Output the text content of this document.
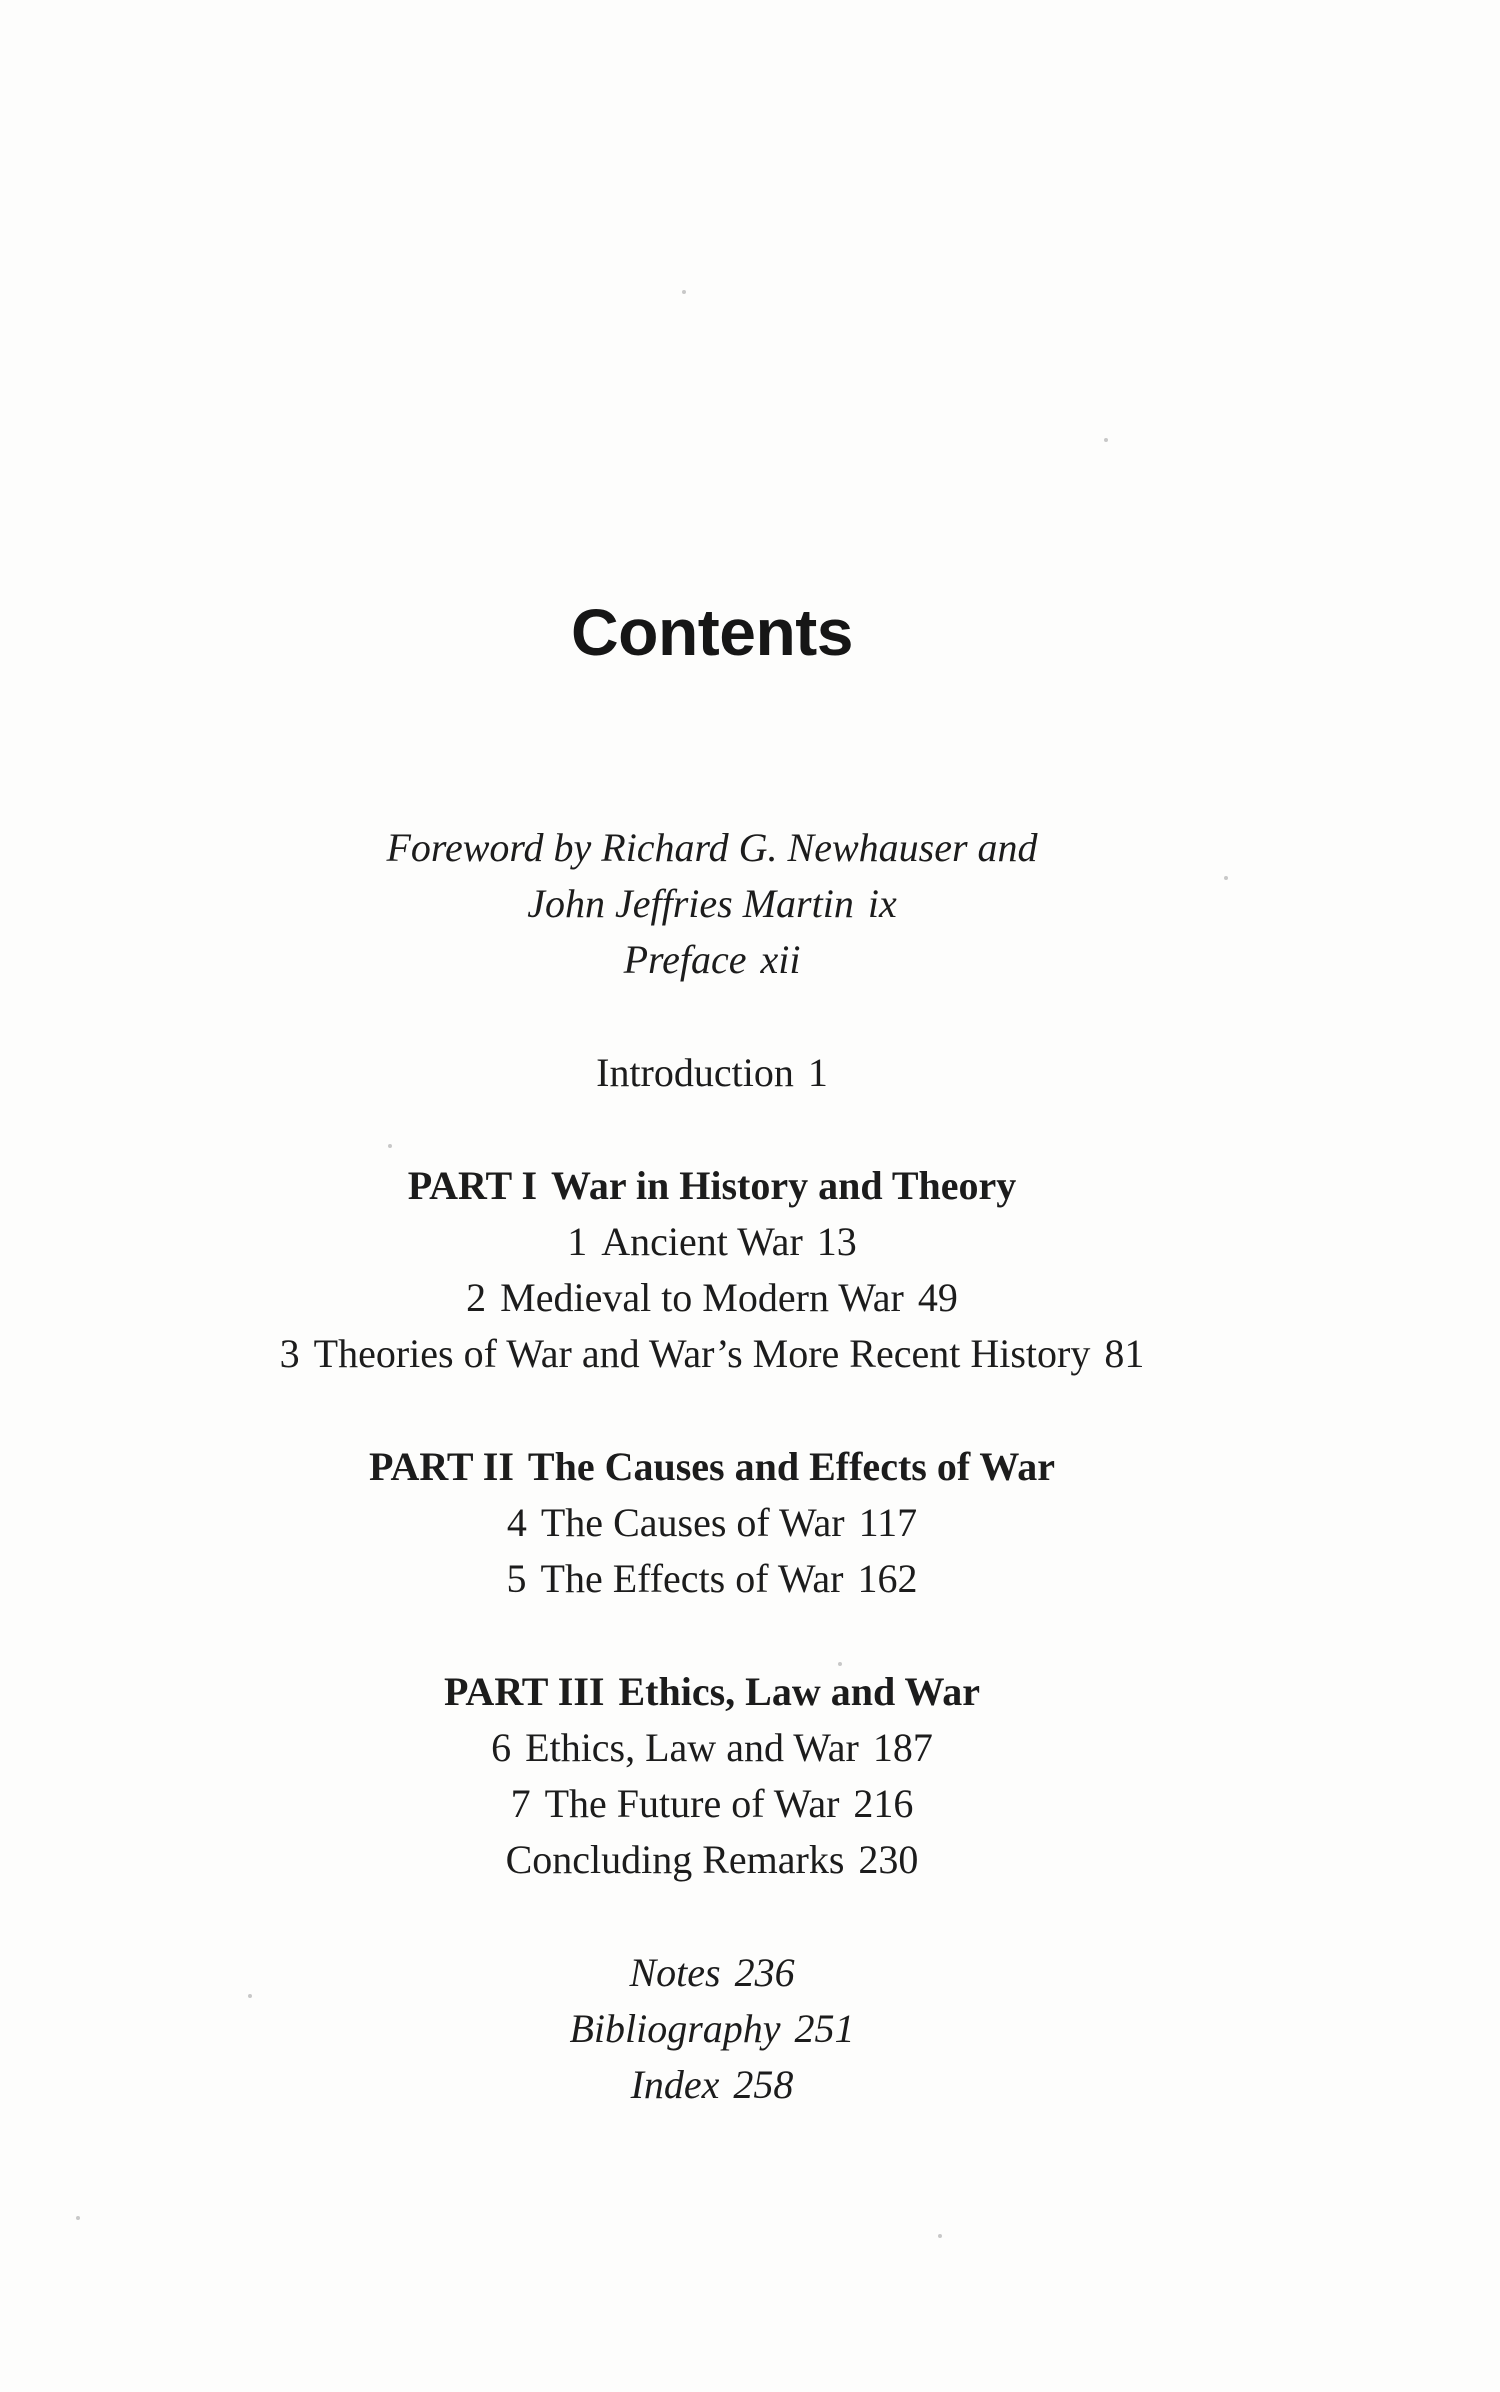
Contents
Foreword by Richard G. Newhauser and
John Jeffries Martin ix
Preface xii
Introduction 1
PART I War in History and Theory
1 Ancient War 13
2 Medieval to Modern War 49
3 Theories of War and War’s More Recent History 81
PART II The Causes and Effects of War
4 The Causes of War 117
5 The Effects of War 162
PART III Ethics, Law and War
6 Ethics, Law and War 187
7 The Future of War 216
Concluding Remarks 230
Notes 236
Bibliography 251
Index 258
